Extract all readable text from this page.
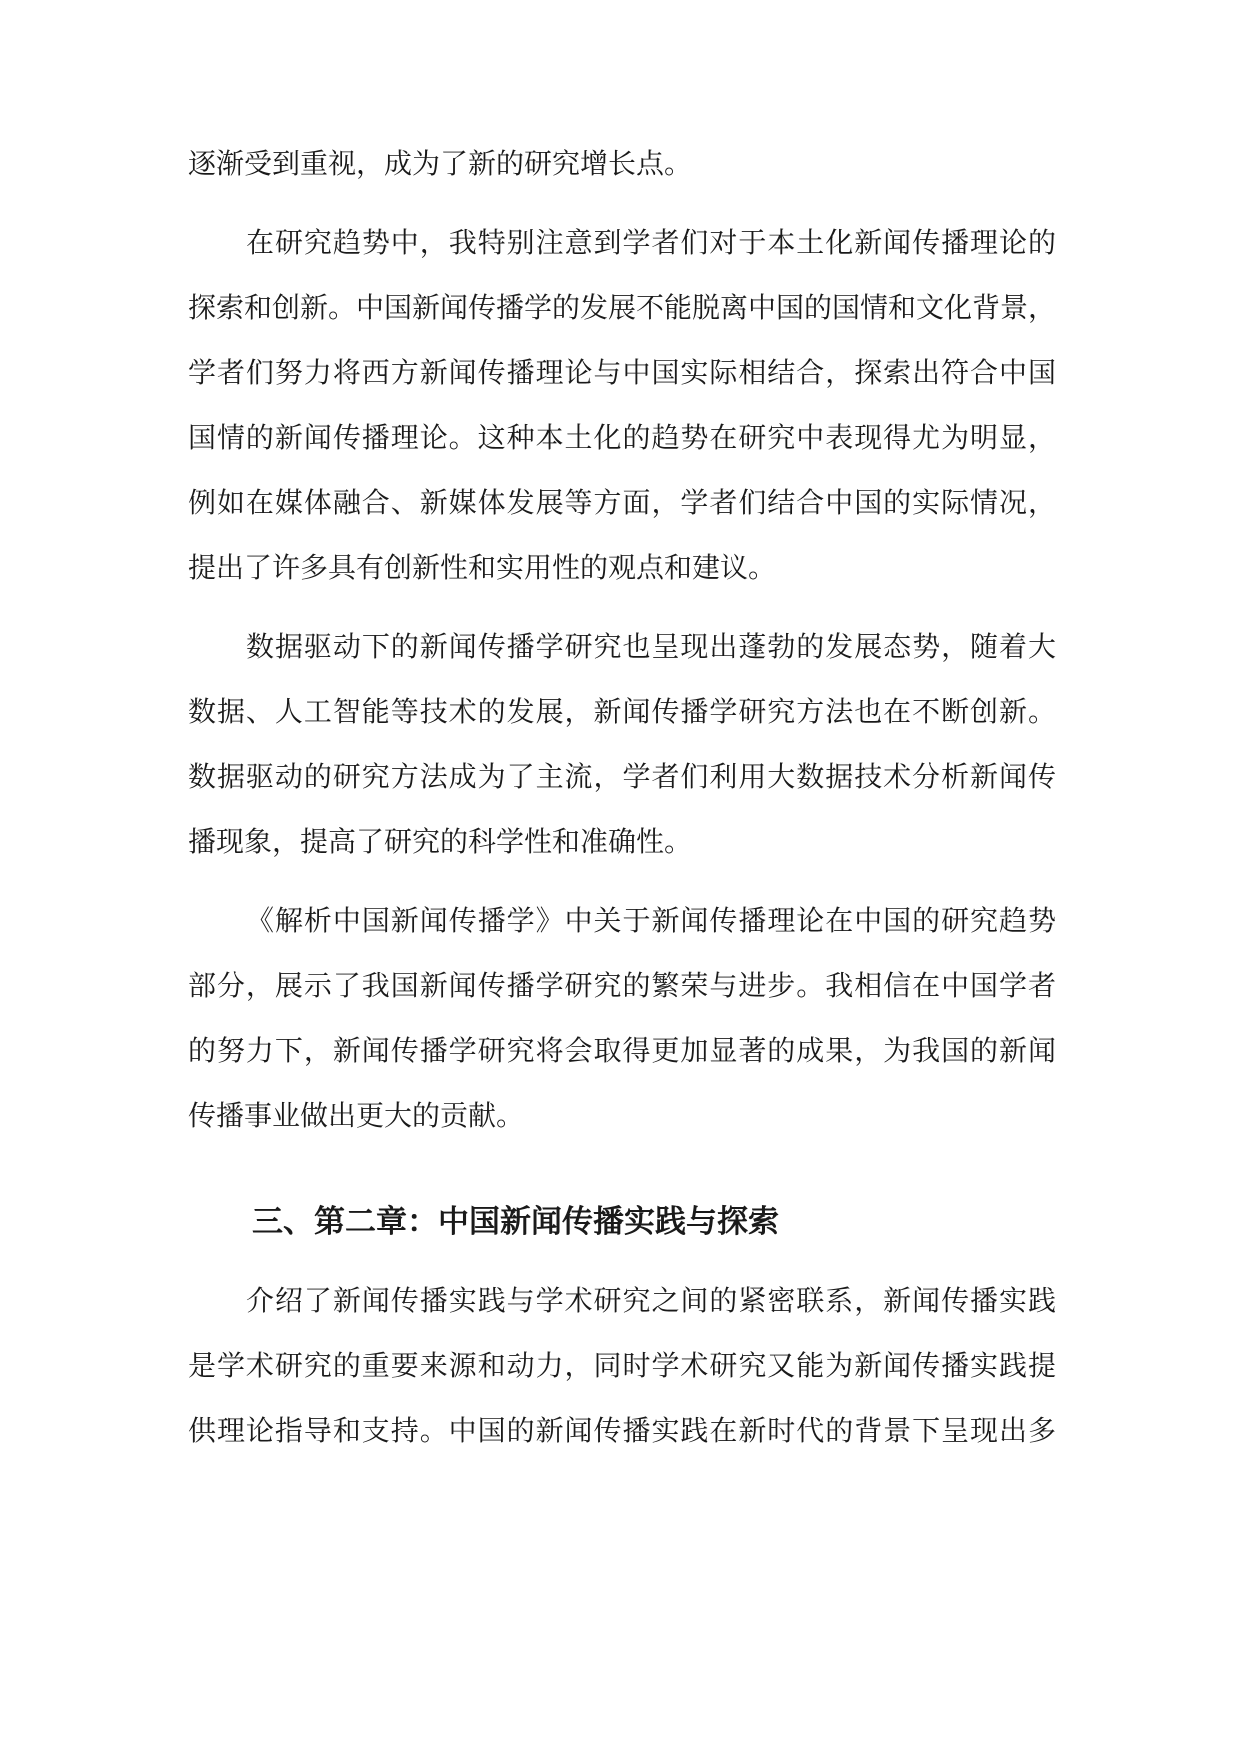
逐渐受到重视，成为了新的研究增长点。
在研究趋势中，我特别注意到学者们对于本土化新闻传播理论的
探索和创新。中国新闻传播学的发展不能脱离中国的国情和文化背景，
学者们努力将西方新闻传播理论与中国实际相结合，探索出符合中国
国情的新闻传播理论。这种本土化的趋势在研究中表现得尤为明显，
例如在媒体融合、新媒体发展等方面，学者们结合中国的实际情况，
提出了许多具有创新性和实用性的观点和建议。
数据驱动下的新闻传播学研究也呈现出蓬勃的发展态势，随着大
数据、人工智能等技术的发展，新闻传播学研究方法也在不断创新。
数据驱动的研究方法成为了主流，学者们利用大数据技术分析新闻传
播现象，提高了研究的科学性和准确性。
《解析中国新闻传播学》中关于新闻传播理论在中国的研究趋势
部分，展示了我国新闻传播学研究的繁荣与进步。我相信在中国学者
的努力下，新闻传播学研究将会取得更加显著的成果，为我国的新闻
传播事业做出更大的贡献。
三、第二章：中国新闻传播实践与探索
介绍了新闻传播实践与学术研究之间的紧密联系，新闻传播实践
是学术研究的重要来源和动力，同时学术研究又能为新闻传播实践提
供理论指导和支持。中国的新闻传播实践在新时代的背景下呈现出多
